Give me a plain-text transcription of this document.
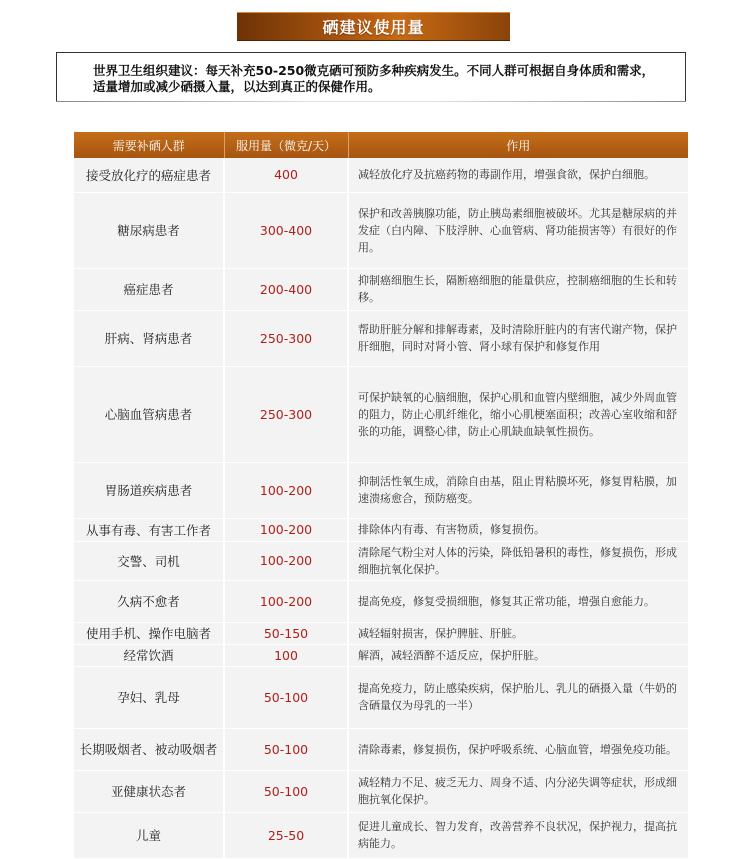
硒建议使用量
世界卫生组织建议：每天补充50-250微克硒可预防多种疾病发生。不同人群可根据自身体质和需求，适量增加或减少硒摄入量，以达到真正的保健作用。
需要补硒人群	服用量（微克/天）	作用
接受放化疗的癌症患者	400	减轻放化疗及抗癌药物的毒副作用，增强食欲，保护白细胞。
糖尿病患者	300-400	保护和改善胰腺功能，防止胰岛素细胞被破坏。尤其是糖尿病的并发症（白内障、下肢浮肿、心血管病、肾功能损害等）有很好的作用。
癌症患者	200-400	抑制癌细胞生长，隔断癌细胞的能量供应，控制癌细胞的生长和转移。
肝病、肾病患者	250-300	帮助肝脏分解和排解毒素，及时清除肝脏内的有害代谢产物，保护肝细胞，同时对肾小管、肾小球有保护和修复作用
心脑血管病患者	250-300	可保护缺氧的心脑细胞，保护心肌和血管内壁细胞，减少外周血管的阻力，防止心肌纤维化，缩小心肌梗塞面积；改善心室收缩和舒张的功能，调整心律，防止心肌缺血缺氧性损伤。
胃肠道疾病患者	100-200	抑制活性氧生成，消除自由基，阻止胃粘膜坏死，修复胃粘膜，加速溃疡愈合，预防癌变。
从事有毒、有害工作者	100-200	排除体内有毒、有害物质，修复损伤。
交警、司机	100-200	清除尾气粉尘对人体的污染，降低铅暑积的毒性，修复损伤，形成细胞抗氧化保护。
久病不愈者	100-200	提高免疫，修复受损细胞，修复其正常功能，增强自愈能力。
使用手机、操作电脑者	50-150	减轻辐射损害，保护脾脏、肝脏。
经常饮酒	100	解酒，减轻酒醉不适反应，保护肝脏。
孕妇、乳母	50-100	提高免疫力，防止感染疾病，保护胎儿、乳儿的硒摄入量（牛奶的含硒量仅为母乳的一半）
长期吸烟者、被动吸烟者	50-100	清除毒素，修复损伤，保护呼吸系统、心脑血管，增强免疫功能。
亚健康状态者	50-100	减轻精力不足、疲乏无力、周身不适、内分泌失调等症状，形成细胞抗氧化保护。
儿童	25-50	促进儿童成长、智力发育，改善营养不良状况，保护视力，提高抗病能力。
